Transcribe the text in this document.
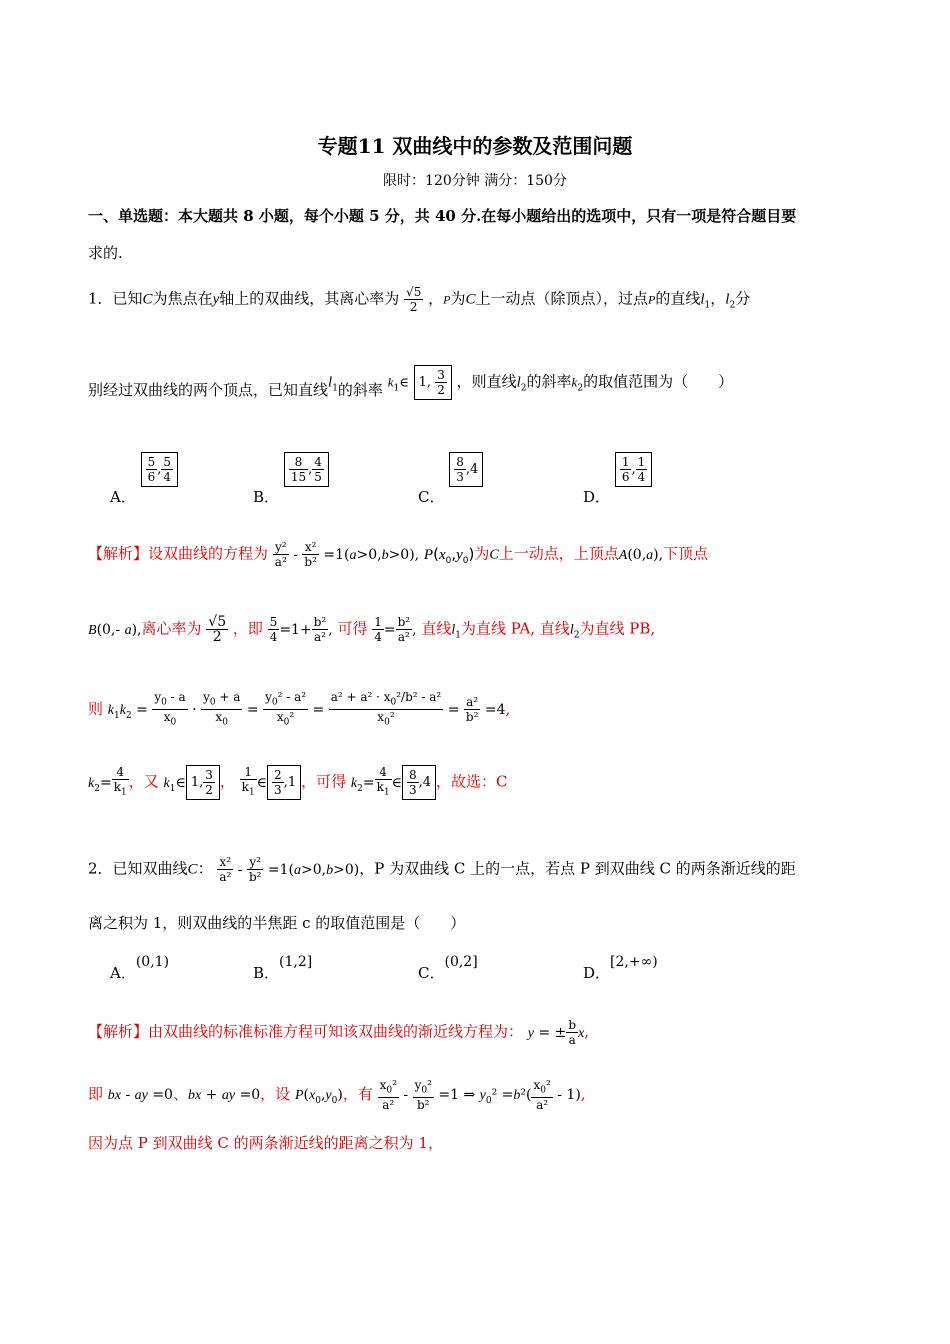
专题11 双曲线中的参数及范围问题
限时：120分钟 满分：150分
一、单选题：本大题共 8 小题，每个小题 5 分，共 40 分.在每小题给出的选项中，只有一项是符合题目要
求的.
1．已知C为焦点在y轴上的双曲线，其离心率为 $\frac{√5}{2}$ ，P为C上一动点（除顶点），过点P的直线$l_1$，$l_2$分
别经过双曲线的两个顶点，已知直线$l_1$的斜率 $k_1\in$ 1, $\frac{3}{2}$ ，则直线$l_2$的斜率$k_2$的取值范围为（　　）
A．
$\frac{5}{6}$ , $\frac{5}{4}$
B．
$\frac{8}{15}$ , $\frac{4}{5}$
C．
$\frac{8}{3} ,4$
D．
$\frac{1}{6}$ , $\frac{1}{4}$
【解析】设双曲线的方程为 $\frac{\text{y²}}{\text{a²}} - \frac{\text{x²}}{\text{b²}} =1(a>0,b>0)$, $P(x_0,y_0)$为C上一动点，上顶点A(0,a),下顶点
B(0,- a),离心率为 $\frac{√5}{2}$ ，即 $\frac{5}{4} =1+ \frac{\text{b²}}{\text{a²}}$ , 可得 $\frac{1}{4} = \frac{\text{b²}}{\text{a²}}$ , 直线$l_1$为直线 PA, 直线$l_2$为直线 PB,
则 $k_1k_2 = \frac{y_0 - a}{x_0} \cdot \frac{y_0 + a}{x_0} = \frac{y_0^2 - a^2}{x_0^2} = \frac{a^2 + a^2 \cdot x_0^2/b^2 - a^2}{x_0^2} = \frac{\text{a²}}{\text{b²}} =4$,
$k_2= \frac{4}{k_1}$ ，又 $k_1\in$ 1, $\frac{3}{2}$ ， $\frac{1}{k_1}$ ∈ $\frac{2}{3} ,1$ ，可得 $k_2= \frac{4}{k_1}$ ∈ $\frac{8}{3} ,4$ ，故选：C
2．已知双曲线C： $\frac{\text{x²}}{\text{a²}} - \frac{\text{y²}}{\text{b²}} =1(a>0,b>0)$，P 为双曲线 C 上的一点，若点 P 到双曲线 C 的两条渐近线的距
离之积为 1，则双曲线的半焦距 c 的取值范围是（　　）
A．(0,1)
B．(1,2]
C．(0,2]
D．[2,+∞)
【解析】由双曲线的标准标准方程可知该双曲线的渐近线方程为： y = ± $\frac{b}{a} x$,
即 bx - ay =0、bx + ay =0，设 $P(x_0,y_0)$，有 $\frac{x_0^2}{\text{a²}} - \frac{y_0^2}{\text{b²}} =1$ ⇒ $y_0^2 =b^2( \frac{x_0^2}{\text{a²}} - 1)$,
因为点 P 到双曲线 C 的两条渐近线的距离之积为 1，
